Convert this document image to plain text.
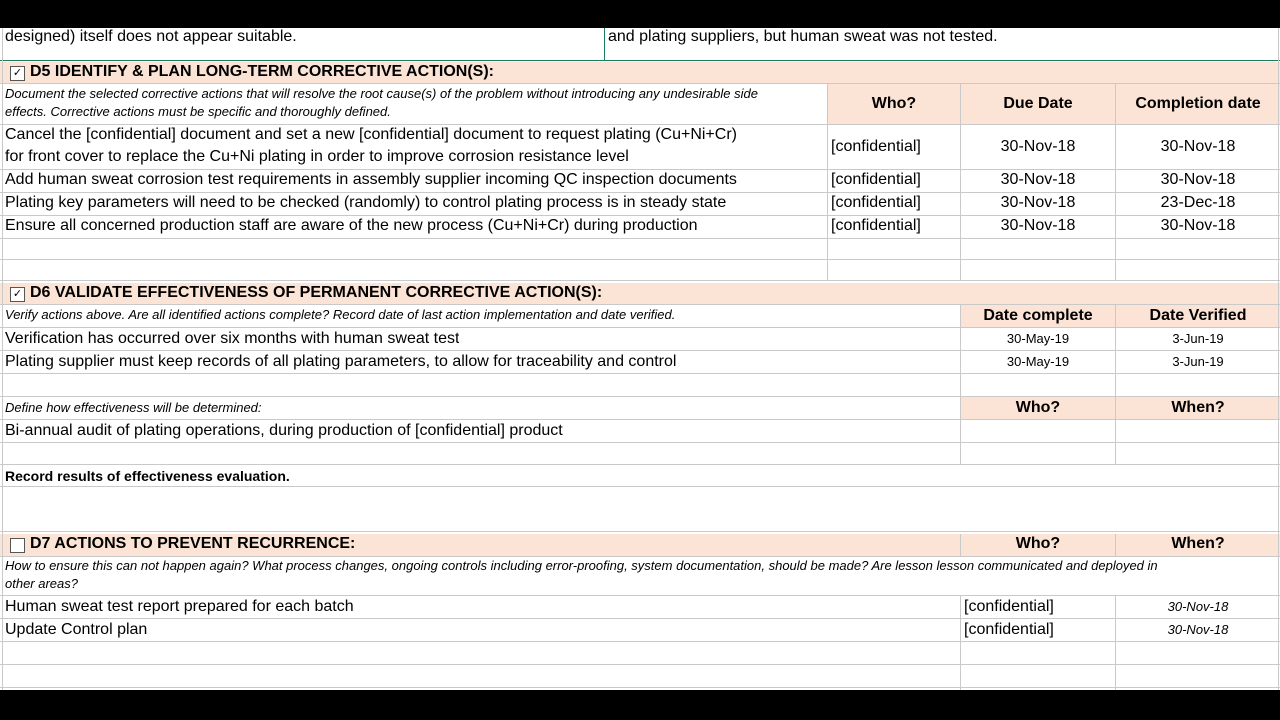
designed) itself does not appear suitable.	and plating suppliers, but human sweat was not tested.
✓ D5 IDENTIFY & PLAN LONG-TERM CORRECTIVE ACTION(S):
Document the selected corrective actions that will resolve the root cause(s) of the problem without introducing any undesirable side
effects. Corrective actions must be specific and thoroughly defined.	Who?	Due Date	Completion date
Cancel the [confidential] document and set a new [confidential] document to request plating (Cu+Ni+Cr)
for front cover to replace the Cu+Ni plating in order to improve corrosion resistance level
[confidential]	30-Nov-18	30-Nov-18
Add human sweat corrosion test requirements in assembly supplier incoming QC inspection documents	[confidential]	30-Nov-18	30-Nov-18
Plating key parameters will need to be checked (randomly) to control plating process is in steady state	[confidential]	30-Nov-18	23-Dec-18
Ensure all concerned production staff are aware of the new process (Cu+Ni+Cr) during production	[confidential]	30-Nov-18	30-Nov-18
✓ D6 VALIDATE EFFECTIVENESS OF PERMANENT CORRECTIVE ACTION(S):
Verify actions above. Are all identified actions complete? Record date of last action implementation and date verified.	Date complete	Date Verified
Verification has occurred over six months with human sweat test	30-May-19	3-Jun-19
Plating supplier must keep records of all plating parameters, to allow for traceability and control	30-May-19	3-Jun-19
Define how effectiveness will be determined:	Who?	When?
Bi-annual audit of plating operations, during production of [confidential] product
Record results of effectiveness evaluation.
D7 ACTIONS TO PREVENT RECURRENCE:	Who?	When?
How to ensure this can not happen again? What process changes, ongoing controls including error-proofing, system documentation, should be made? Are lesson lesson communicated and deployed in
other areas?
Human sweat test report prepared for each batch	[confidential]	30-Nov-18
Update Control plan	[confidential]	30-Nov-18
